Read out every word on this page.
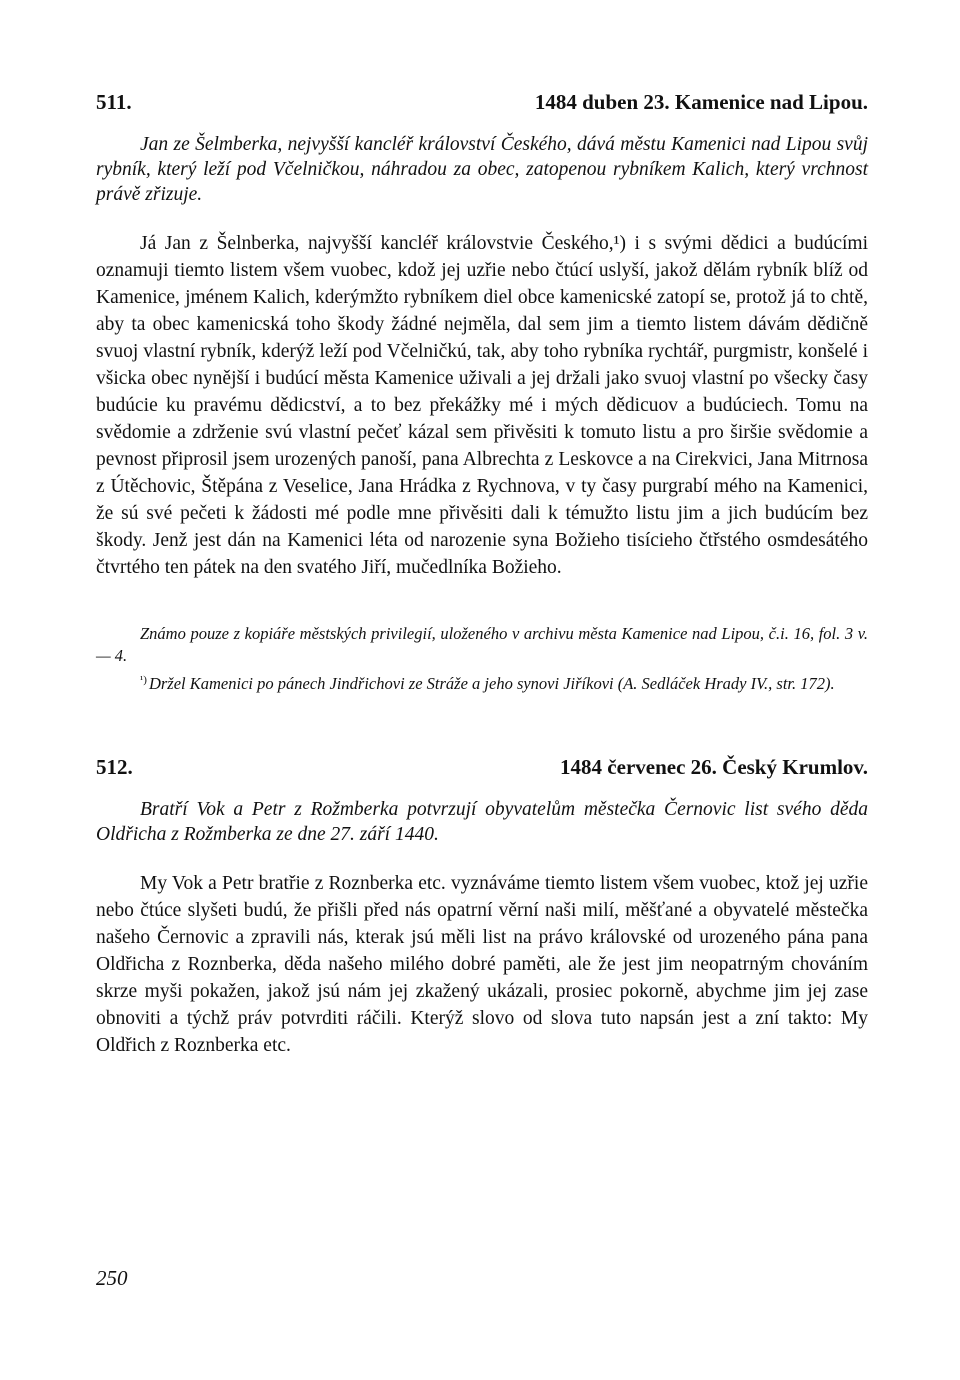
511.	1484 duben 23. Kamenice nad Lipou.

Jan ze Šelmberka, nejvyšší kancléř království Českého, dává městu Kamenici nad Lipou svůj rybník, který leží pod Včelničkou, náhradou za obec, zatopenou rybníkem Kalich, který vrchnost právě zřizuje.

Já Jan z Šelnberka, najvyšší kancléř královstvie Českého,¹) i s svými dědici a budúcími oznamuji tiemto listem všem vuobec, kdož jej uzřie nebo čtúcí uslyší, jakož dělám rybník blíž od Kamenice, jménem Kalich, kderýmžto rybníkem diel obce kamenicské zatopí se, protož já to chtě, aby ta obec kamenicská toho škody žádné nejměla, dal sem jim a tiemto listem dávám dědičně svuoj vlastní rybník, kderýž leží pod Včelničkú, tak, aby toho rybníka rychtář, purgmistr, konšelé i všicka obec nynější i budúcí města Kamenice uživali a jej držali jako svuoj vlastní po všecky časy budúcie ku pravému dědicství, a to bez překážky mé i mých dědicuov a budúciech. Tomu na svědomie a zdrženie svú vlastní pečeť kázal sem přivěsiti k tomuto listu a pro širšie svědomie a pevnost připrosil jsem urozených panoší, pana Albrechta z Leskovce a na Cirekvici, Jana Mitrnosa z Útěchovic, Štěpána z Veselice, Jana Hrádka z Rychnova, v ty časy purgrabí mého na Kamenici, že sú své pečeti k žádosti mé podle mne přivěsiti dali k témužto listu jim a jich budúcím bez škody. Jenž jest dán na Kamenici léta od narozenie syna Božieho tisícieho čtřstého osmdesátého čtvrtého ten pátek na den svatého Jiří, mučedlníka Božieho.

Známo pouze z kopiáře městských privilegií, uloženého v archivu města Kamenice nad Lipou, č.i. 16, fol. 3 v. — 4.

$^{^1)}$ Držel Kamenici po pánech Jindřichovi ze Stráže a jeho synovi Jiříkovi (A. Sedláček Hrady IV., str. 172).

512.	1484 červenec 26. Český Krumlov.

Bratří Vok a Petr z Rožmberka potvrzují obyvatelům městečka Černovic list svého děda Oldřicha z Rožmberka ze dne 27. září 1440.

My Vok a Petr bratřie z Roznberka etc. vyznáváme tiemto listem všem vuobec, ktož jej uzřie nebo čtúce slyšeti budú, že přišli před nás opatrní věrní naši milí, měšťané a obyvatelé městečka našeho Černovic a zpravili nás, kterak jsú měli list na právo královské od urozeného pána pana Oldřicha z Roznberka, děda našeho milého dobré paměti, ale že jest jim neopatrným chováním skrze myši pokažen, jakož jsú nám jej zkažený ukázali, prosiec pokorně, abychme jim jej zase obnoviti a týchž práv potvrditi ráčili. Kterýž slovo od slova tuto napsán jest a zní takto: My Oldřich z Roznberka etc.

250
